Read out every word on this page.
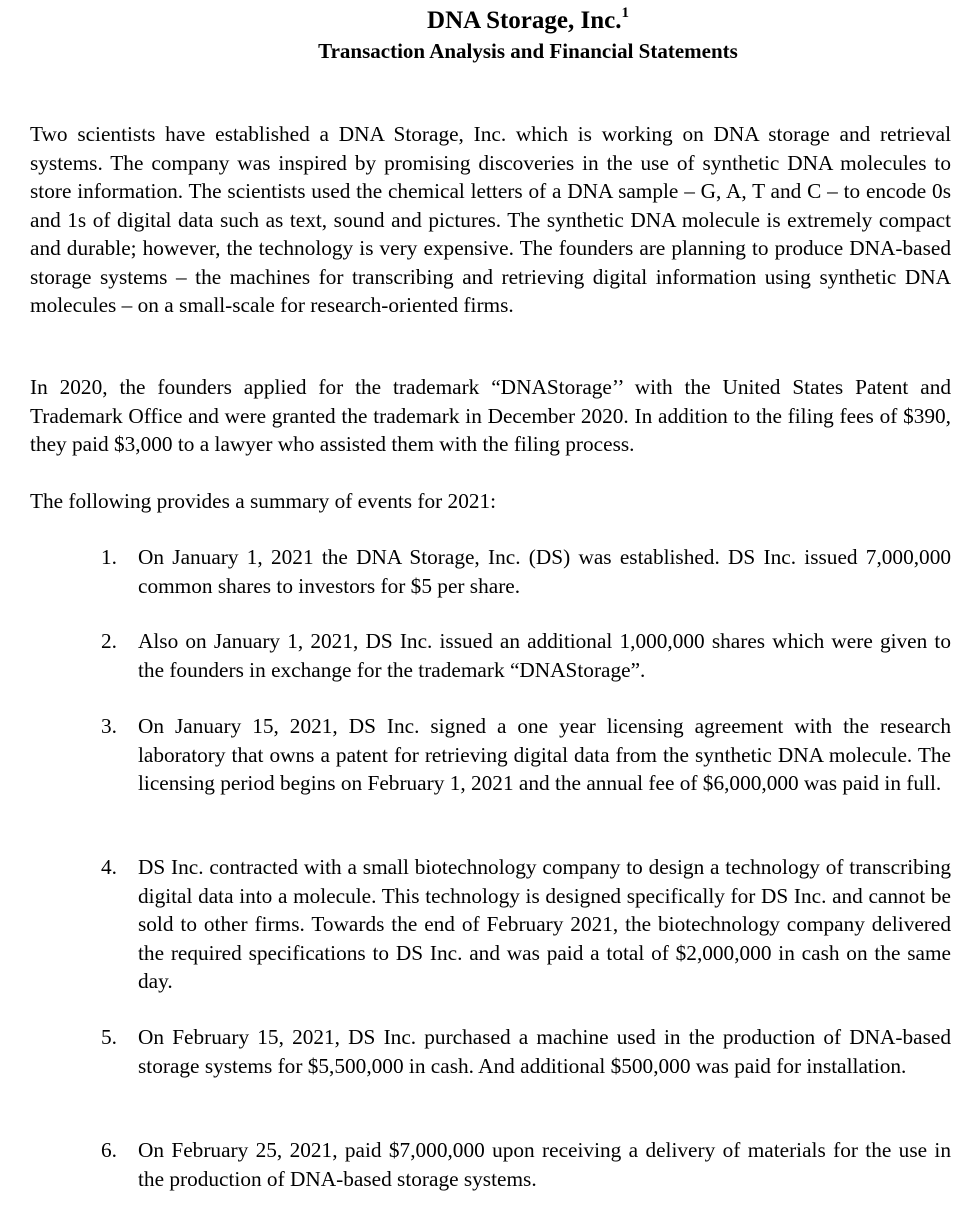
DNA Storage, Inc.$^1$
Transaction Analysis and Financial Statements

Two scientists have established a DNA Storage, Inc. which is working on DNA storage and retrieval systems. The company was inspired by promising discoveries in the use of synthetic DNA molecules to store information. The scientists used the chemical letters of a DNA sample – G, A, T and C – to encode 0s and 1s of digital data such as text, sound and pictures. The synthetic DNA molecule is extremely compact and durable; however, the technology is very expensive. The founders are planning to produce DNA-based storage systems – the machines for transcribing and retrieving digital information using synthetic DNA molecules – on a small-scale for research-oriented firms.

In 2020, the founders applied for the trademark “DNAStorage’’ with the United States Patent and Trademark Office and were granted the trademark in December 2020. In addition to the filing fees of $390, they paid $3,000 to a lawyer who assisted them with the filing process.

The following provides a summary of events for 2021:

1. On January 1, 2021 the DNA Storage, Inc. (DS) was established. DS Inc. issued 7,000,000 common shares to investors for $5 per share.

2. Also on January 1, 2021, DS Inc. issued an additional 1,000,000 shares which were given to the founders in exchange for the trademark “DNAStorage”.

3. On January 15, 2021, DS Inc. signed a one year licensing agreement with the research laboratory that owns a patent for retrieving digital data from the synthetic DNA molecule. The licensing period begins on February 1, 2021 and the annual fee of $6,000,000 was paid in full.

4. DS Inc. contracted with a small biotechnology company to design a technology of transcribing digital data into a molecule. This technology is designed specifically for DS Inc. and cannot be sold to other firms. Towards the end of February 2021, the biotechnology company delivered the required specifications to DS Inc. and was paid a total of $2,000,000 in cash on the same day.

5. On February 15, 2021, DS Inc. purchased a machine used in the production of DNA-based storage systems for $5,500,000 in cash. And additional $500,000 was paid for installation.

6. On February 25, 2021, paid $7,000,000 upon receiving a delivery of materials for the use in the production of DNA-based storage systems.
